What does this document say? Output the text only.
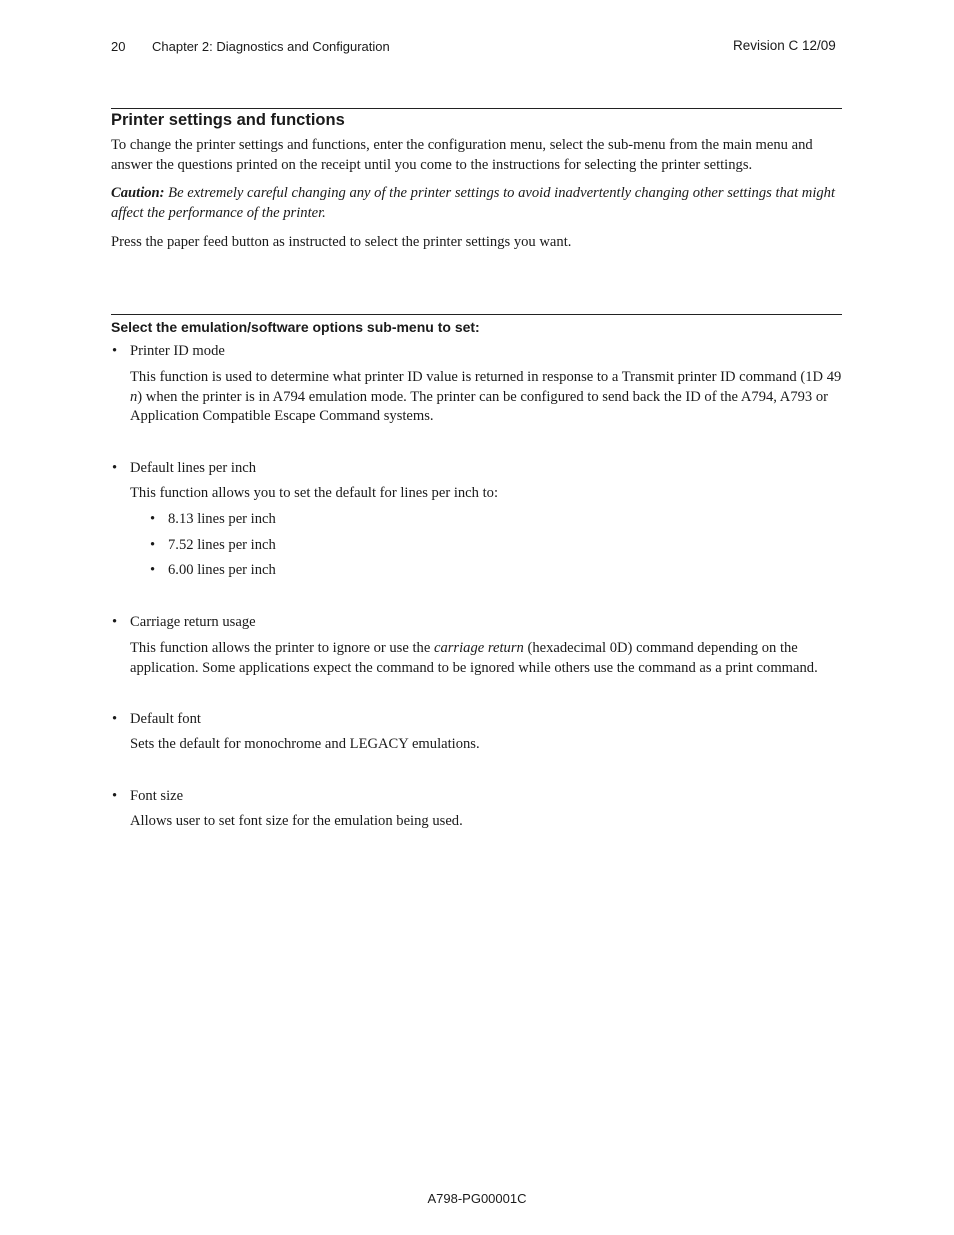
20 Chapter 2: Diagnostics and Configuration	Revision C 12/09
Printer settings and functions
To change the printer settings and functions, enter the configuration menu, select the sub-menu from the main menu and answer the questions printed on the receipt until you come to the instructions for selecting the printer settings.
Caution: Be extremely careful changing any of the printer settings to avoid inadvertently changing other settings that might affect the performance of the printer.
Press the paper feed button as instructed to select the printer settings you want.
Select the emulation/software options sub-menu to set:
• Printer ID mode
This function is used to determine what printer ID value is returned in response to a Transmit printer ID command (1D 49 n) when the printer is in A794 emulation mode. The printer can be configured to send back the ID of the A794, A793 or Application Compatible Escape Command systems.
• Default lines per inch
This function allows you to set the default for lines per inch to:
• 8.13 lines per inch
• 7.52 lines per inch
• 6.00 lines per inch
• Carriage return usage
This function allows the printer to ignore or use the carriage return (hexadecimal 0D) command depending on the application. Some applications expect the command to be ignored while others use the command as a print command.
• Default font
Sets the default for monochrome and LEGACY emulations.
• Font size
Allows user to set font size for the emulation being used.
A798-PG00001C
